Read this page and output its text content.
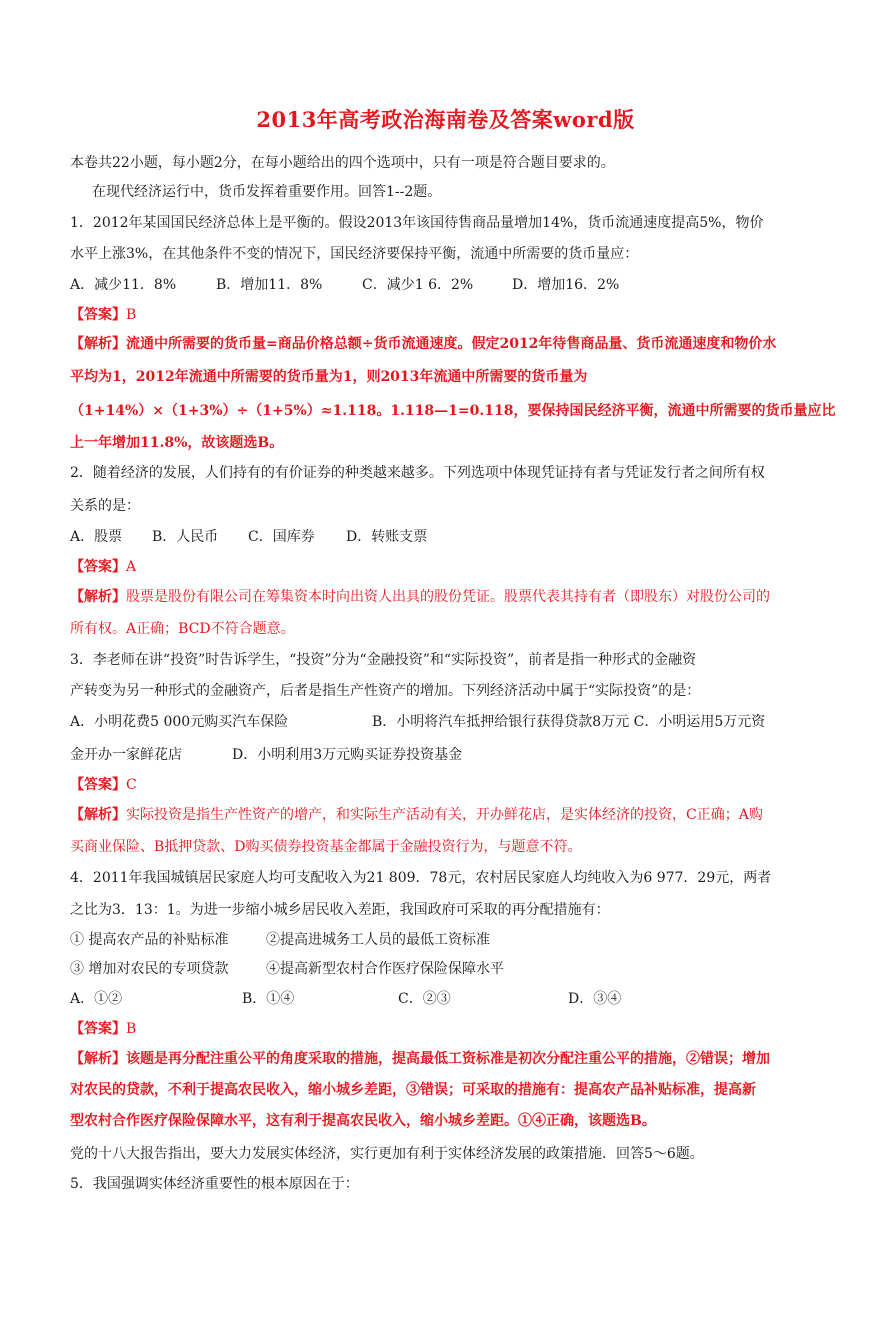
2013年高考政治海南卷及答案word版
本卷共22小题，每小题2分，在每小题给出的四个选项中，只有一项是符合题目要求的。
在现代经济运行中，货币发挥着重要作用。回答1--2题。
1．2012年某国国民经济总体上是平衡的。假设2013年该国待售商品量增加14%，货币流通速度提高5%，物价
水平上涨3%，在其他条件不变的情况下，国民经济要保持平衡，流通中所需要的货币量应：
A．减少11．8%	B．增加11．8%	C．减少1 6．2%	D．增加16．2%
【答案】B
【解析】流通中所需要的货币量=商品价格总额÷货币流通速度。假定2012年待售商品量、货币流通速度和物价水
平均为1，2012年流通中所需要的货币量为1，则2013年流通中所需要的货币量为
（1+14%）×（1+3%）÷（1+5%）≈1.118。1.118—1=0.118，要保持国民经济平衡，流通中所需要的货币量应比
上一年增加11.8%，故该题选B。
2．随着经济的发展，人们持有的有价证券的种类越来越多。下列选项中体现凭证持有者与凭证发行者之间所有权
关系的是：
A．股票 B．人民币 C．国库券 D．转账支票
【答案】A
【解析】股票是股份有限公司在筹集资本时向出资人出具的股份凭证。股票代表其持有者（即股东）对股份公司的
所有权。A正确；BCD不符合题意。
3．李老师在讲“投资”时告诉学生，“投资”分为“金融投资”和“实际投资”，前者是指一种形式的金融资
产转变为另一种形式的金融资产，后者是指生产性资产的增加。下列经济活动中属于“实际投资”的是：
A．小明花费5 000元购买汽车保险	B．小明将汽车抵押给银行获得贷款8万元 C．小明运用5万元资
金开办一家鲜花店	D．小明利用3万元购买证券投资基金
【答案】C
【解析】实际投资是指生产性资产的增产，和实际生产活动有关，开办鲜花店，是实体经济的投资，C正确；A购
买商业保险、B抵押贷款、D购买债券投资基金都属于金融投资行为，与题意不符。
4．2011年我国城镇居民家庭人均可支配收入为21 809．78元，农村居民家庭人均纯收入为6 977．29元，两者
之比为3．13：1。为进一步缩小城乡居民收入差距，我国政府可采取的再分配措施有：
① 提高农产品的补贴标准	②提高进城务工人员的最低工资标准
③ 增加对农民的专项贷款	④提高新型农村合作医疗保险保障水平
A．①②	B．①④	C．②③	D．③④
【答案】B
【解析】该题是再分配注重公平的角度采取的措施，提高最低工资标准是初次分配注重公平的措施，②错误；增加
对农民的贷款，不利于提高农民收入，缩小城乡差距，③错误；可采取的措施有：提高农产品补贴标准，提高新
型农村合作医疗保险保障水平，这有利于提高农民收入，缩小城乡差距。①④正确，该题选B。
党的十八大报告指出，要大力发展实体经济，实行更加有利于实体经济发展的政策措施．回答5～6题。
5．我国强调实体经济重要性的根本原因在于：
